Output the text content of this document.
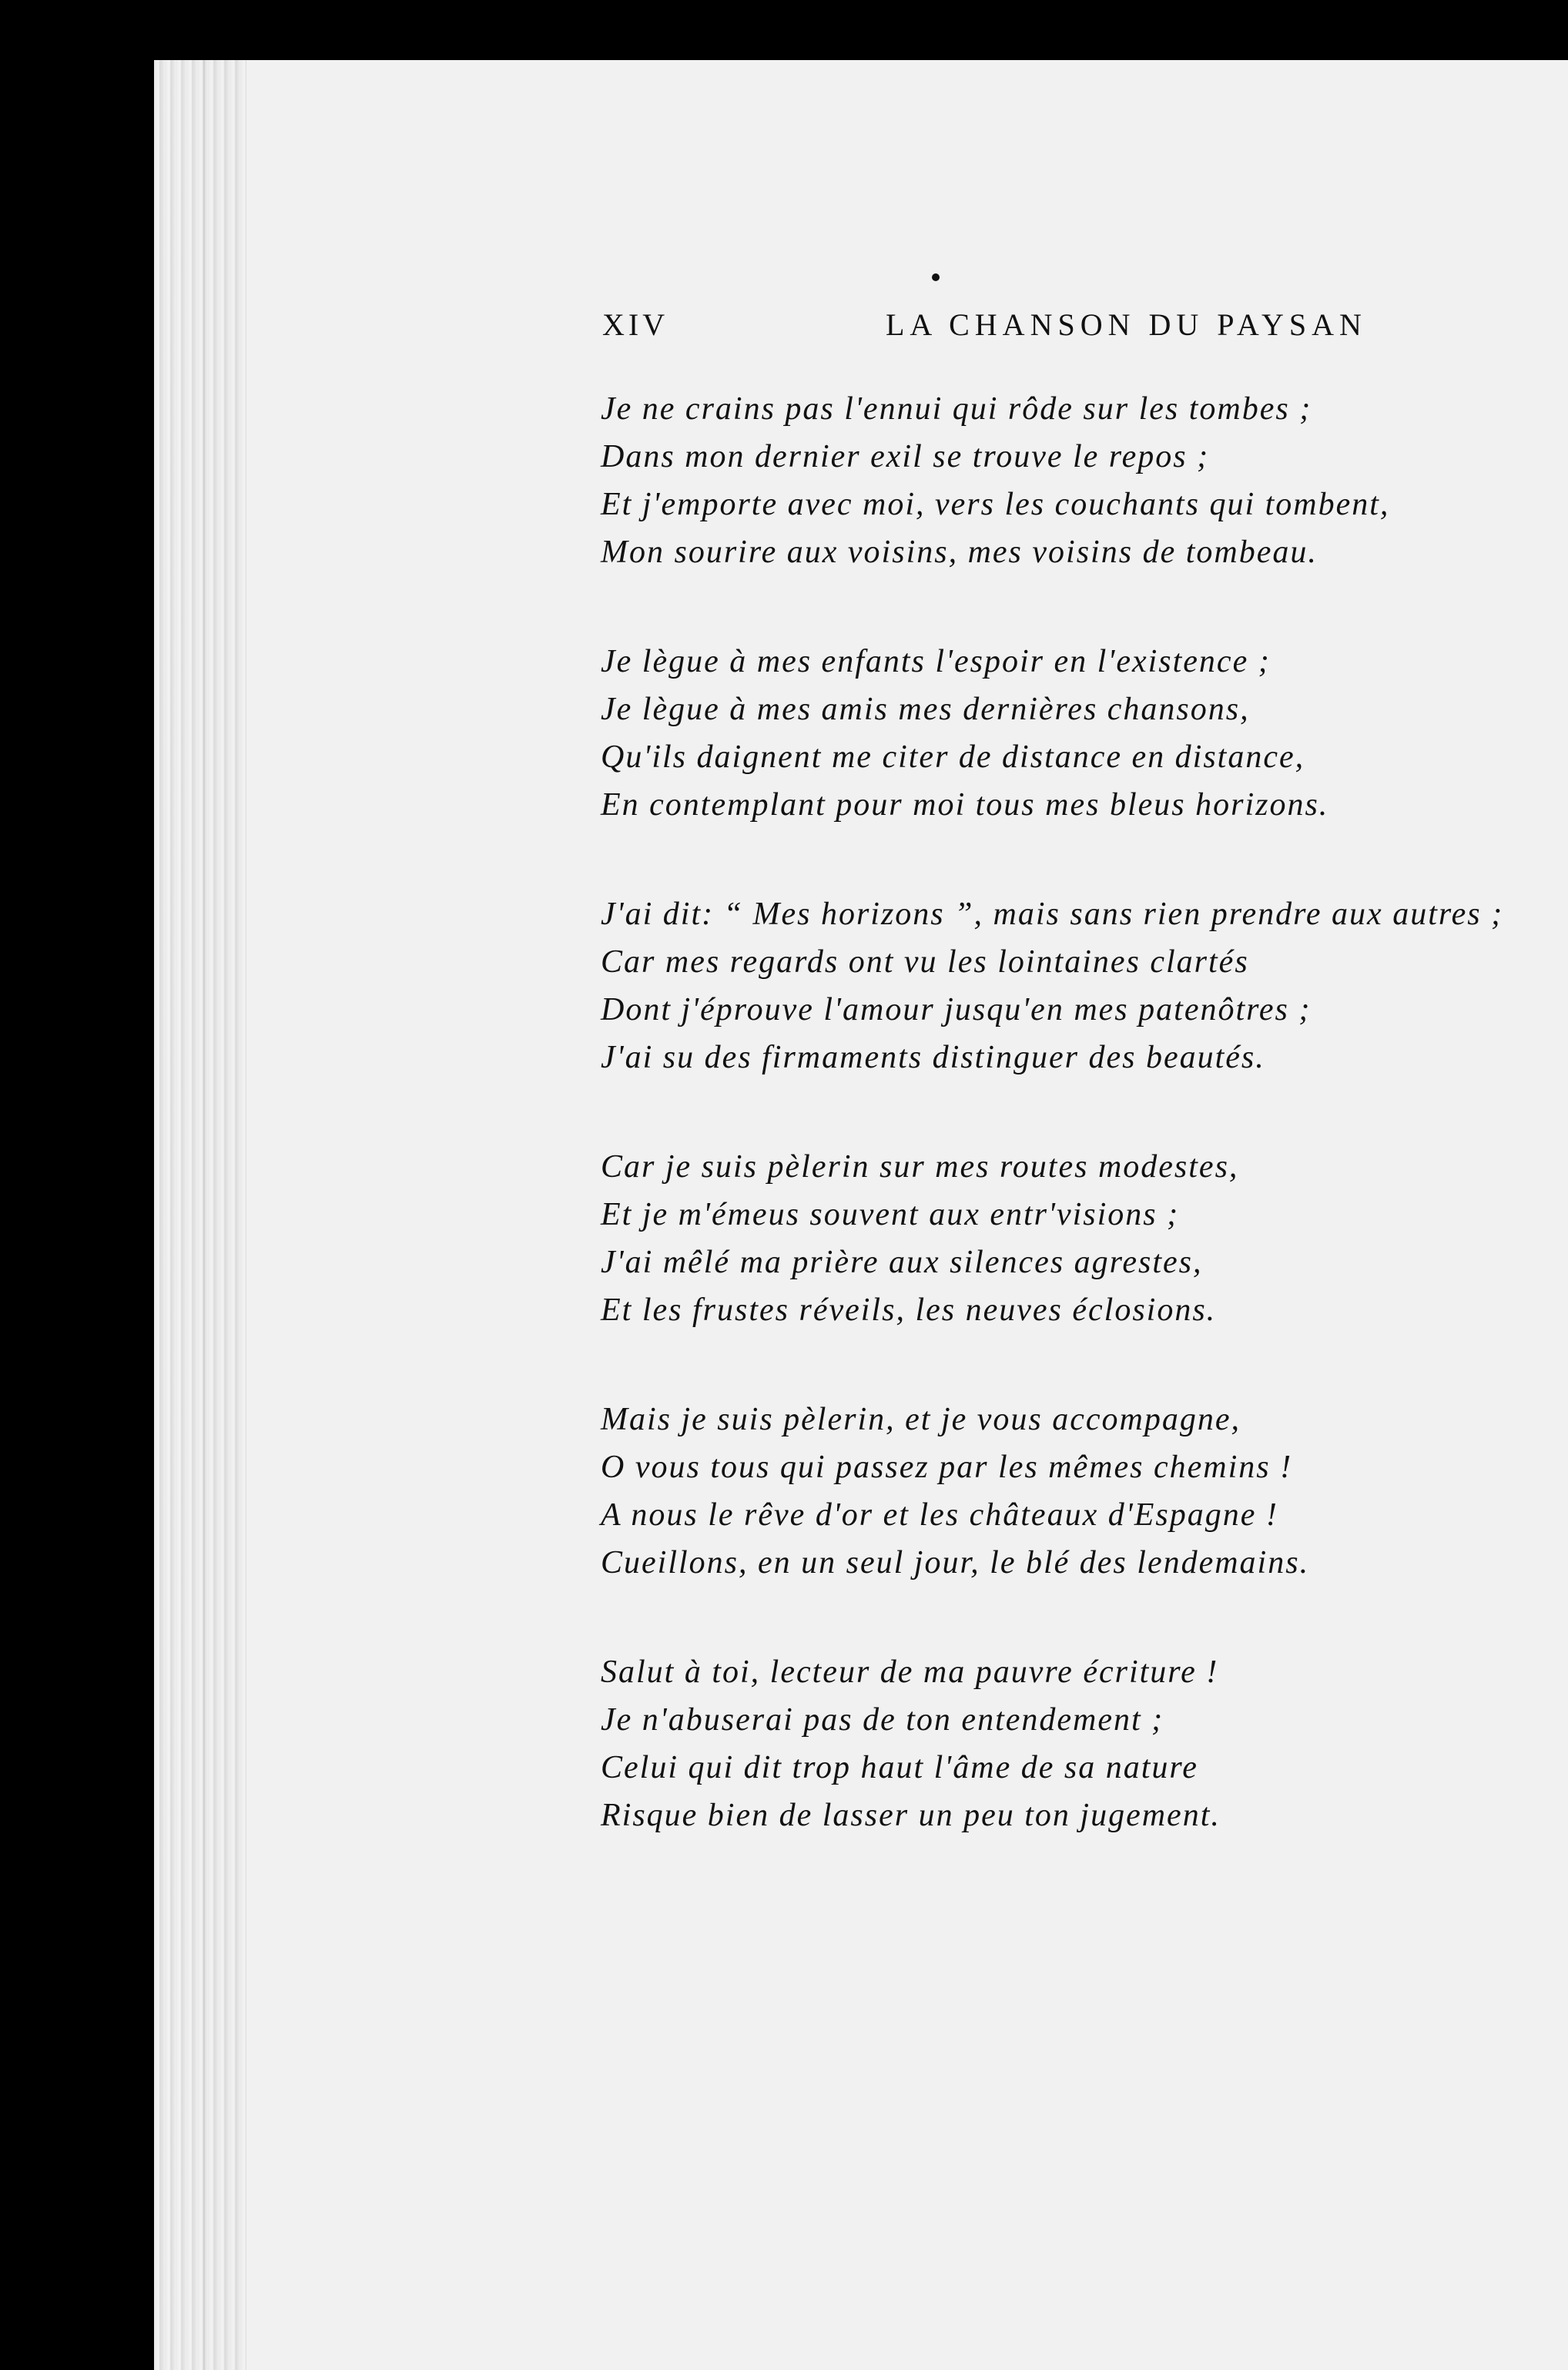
XIV	LA CHANSON DU PAYSAN
Je ne crains pas l'ennui qui rôde sur les tombes ;
Dans mon dernier exil se trouve le repos ;
Et j'emporte avec moi, vers les couchants qui tombent,
Mon sourire aux voisins, mes voisins de tombeau.
Je lègue à mes enfants l'espoir en l'existence ;
Je lègue à mes amis mes dernières chansons,
Qu'ils daignent me citer de distance en distance,
En contemplant pour moi tous mes bleus horizons.
J'ai dit: “ Mes horizons ”, mais sans rien prendre aux autres ;
Car mes regards ont vu les lointaines clartés
Dont j'éprouve l'amour jusqu'en mes patenôtres ;
J'ai su des firmaments distinguer des beautés.
Car je suis pèlerin sur mes routes modestes,
Et je m'émeus souvent aux entr'visions ;
J'ai mêlé ma prière aux silences agrestes,
Et les frustes réveils, les neuves éclosions.
Mais je suis pèlerin, et je vous accompagne,
O vous tous qui passez par les mêmes chemins !
A nous le rêve d'or et les châteaux d'Espagne !
Cueillons, en un seul jour, le blé des lendemains.
Salut à toi, lecteur de ma pauvre écriture !
Je n'abuserai pas de ton entendement ;
Celui qui dit trop haut l'âme de sa nature
Risque bien de lasser un peu ton jugement.
